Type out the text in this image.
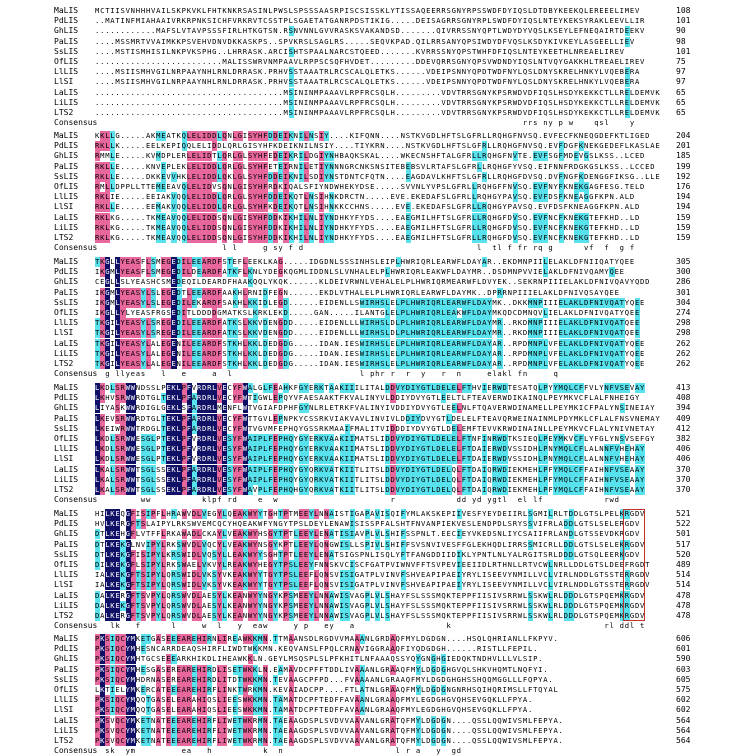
MaLIS MCTIISVNHHHVAILSKPKVKLFHTKNKRSASINLPWSLSPSSSAASRPISCSISSKLYTISSAQEERRSGNYRPSSWDFDYIQSLDTDBYKEEKQLEREEELIMEV	108
PdLIS ..MATINFMIAHAAIVRKRPNKSICHFVRKRVTCSSTPLSGAETATGANRPDSTIKIG.....DEISAGRRSGNYRPLSWDFDYIQSLNTEYKEKSYRAKLEEVLLIR	101
GhLIS ............MAFSLVTAVPSSSFIRLHTKGTSN.RSNVNNLGVVRASKSVAKANDSD.......QIVRRSSNYQPTLWDYDYVQSLKSEYLEFNEQAIRTDEEKV	90
PaLIS ....MSSMRTVVAIMKKPSVEHVDNVDKKASKPS..SPVKRSLSAGLRS.....SEQVKPAD.QILRRSANYQPSIWDYDFVQSLKSDYKIVKEYLASGEELLIEV	98
SsLIS ....MSTISMHISILNKPVKSPHG..LHRRASK.ARCISHTSPAALNARCSTQEED.......KVRRSSNYQPSTWHFDFIQSLNTEYKEETHLNREAELIREV	101
OfLIS .........................MALISSWRVNMPAAVLRPPSCSQFHVDET.........DDEVQRRSGNYQPSVWDNDYIQSLNTVQYGAKKHLTREAELIREV	75
LlLIS ....MSIISMHVGILNRPAAYNHLRNLDRRASK.PRHVSSTAAATRLRCSCALQLETKS......VDEIPSNNYQPDTWDFNYLQSLDNYSKRELHNKYLVQEBERA	97
LlSI	....MSIISMHVGILNRPAAYNHLRNLDRRASK.PRHVSSTAAATRLRCSCALQLETKS......VDEIPSNNYQPDTWDFNYLQSLDNYSKRELHNKYLVQEBERA	97
LaLIS .....................................MSININMPAAAVLRPFRCSQLH.........VDVTRRSGNYKPSRWDVDFIQSLHSDYKEKKCTLLRELDEMVK 65
LiLIS .....................................MSININMPAAAVLRPFRCSQLH.........VDVTRRSGNYKPSRWDVDFIQSLHSDYKEKKCTLLRELDEMVK 65
LTS2	.....................................MSININMPAAAVLRPFRCSQLH.........VDVTRRSGNYKPSRWDVDFIQSLHSDYKEKKCTLLRELDEMVK 65
Consensus	rrs ny p w	qsl	y
MaLIS KKLLG.....AKMEATKQLELIDDLQNLGISYHFDDEIKNILNSIY....KIFQNN....NSTKVGDLHFTSLGFRLLRQHGFNVSQ.EVFECFKNEQGDEFKTLIGED	204
PdLIS RKLLK.....EELKEPIQQLELIDDLQRLGISYHFKDEIKNILNSIY....TIYKRN....NSTKVGDLHFTSLGFRLLRQHGFNVSQ.EVFDGFKNEKGEDEFLKASLAE 201
GhLIS RMMLE.....KVMDPLERLELIDTLQRLGLSYHFEDEIKRILDGIYNHBAQKSKAL....WKECNSHFTALGFRLLRQHGFNVTE.EVFSGFMDEVGSLKSS..LCED	185
PaLIS RKLLE.....KNVEPLEKLELIDDLQRLGLSYHFETEIRNILETIYNNNGRCNKSNSITEBEBSVLRTAFSLGFRLLRQHGFYVSQ.EIFNNFRDGKGSLKSS..LCCED	199
SsLIS RKLLE.....DKKEVVHKLELIDDLQKLGLSYHFDDEIKNILSDIYNSTDNTCFQTN....EAGDAVLKHFTSLGFRLLRQHGFDVSQ.DVFNGFKDENGGFIKSG..LLE 192
OfLIS RMLLDPPLLTTEMEEAVQLELIDVSQNLGISYHFRDKIQALSFIYNDWHEKYDSE.....SVVNLYVPSLGFRLLRQHGFFNVSQ.EVFNYFKNEKGAGFESG.TELD	176
LlLIS RKLIE.....EEIAKVQQLELIDDLQRLGLSYHFDDEIKQTLNSIHNKDRCTN.....EVE.EKEDAFSLGFRLLRQHGYPAVSQ.EVFDSFKNEAGGFKPN.ALD	194
LlSI	RKLLE.....EEMAKVQQLELIDDLQRLGLSYHFKDEIKQTLNSIHNKKCCHNS.....EVE.EKEDAFSLGFRLLRQHGYPAVSQ.EVFDSFKNEAGGFKPN.ALD	194
LaLIS RKLKG.....TKMEAVQQLELIDDSQNLGISYHFDDKIKHILNLIYNDHKYFYDS....EAEGMILHFTSLGFRLLRQHGFDVSQ.EVFNCFKNEKGTEFKHD..LD	159
LiLIS RKLKG.....TKMEAVQQLELIDDSQNLGISYHFDDKIKHILNLIYNDHKYFYDS....EAEGMILHFTSLGFRLLRQHGFDVSQ.EVFNCFKNEKGTEFKHD..LD	159
LTS2	RKLKG.....TKMEAVQQLELIDDSQNLGISYHFDDKIKHILNLIYNDHKYFYDS....EAEGMILHFTSLGFRLLRQHGFDVSQ.EVFNCFKNEKGTEFKHD..LD	159
Consensus	l l	g sy f d	l tl f fr rq g	vf f g f
MaLIS TKGLLYEASFLSMEGEDILEEARDFSTEFLEEKLKAG.....IDGDNLSSSINHSLEIPLHWRIQRLEARWFLDAYAR..EKDMNPIILELAKLDFNIIQATYQEE	305
PdLIS IKGMLYEASFLSMEGEDILDEARDFATKFLKNLYDEGKQGMLIDDNLSLVNHALELPLHWRIQRLEAKWFLDAYMR..DSDMNPVVIELAKLDFNIVQAMYQEE	300
GhLIS CEGLLSLYEASHCSMEDEQILDEARDFHAAKQQLYKQK......KLDEIVRWNLVEHALELPLHWRIQRMEARWFLDVYEK..SEKRNPIIIELAKLDFNIVQAVYQDD	286
PaLIS IKGMLYEASYLSLEGEDTLEEARDFAAKHLRNIDFEGN......EKDLVTHALELPLHWRIQRLEARWFLDAYMK..DPRRNPIIIELAKLDFNIVQSAYQEE	301
SsLIS IKGMLYEASYLSLEGEDILEKARDFSAKHLKKIDLEGD......EIDENLLSWIRHSLELPLHWRIQRLEARWFLDAYMK..DKKMNPIIIELAKLDFNIVQATYQEE	304
OfLIS IKGLLYLYEASFRGSEDITLDDDDGMATKSLKRKLEKD.....GAN.....ILANTGLELPLHWRIQRLEAKWFLDAYMKQDCDMNQVLIELAKLDFNIVQATYQEE	274
LlLIS TKGILYEASYLSREGEDILEEARDFATKSLKKVDENGDD.....EIDENLLLWIRHSLDLPLHWRIQRLEARWFLDAYMR..RKDMNPIIIELAKLDFNIVQATQEE	298
LlSI	TKGILYEASYLSREGEDILEEARDFATKSLKKVDENGDD.....EIDENLLLWIRHSLDLPLHWRIQRLEARWFLDAYMR..RKDMNPIIIELAKLDFNIVQATQEE	298
LaLIS TKGILYEASYLALEGENILEEARDFSTKHLKKLDEDGDG.....IDAN.IESWIRHSLELPLHWRIQRLEARWFLDAYAR..RPDMNPLVFELAKLDFNIVQATYQEE	262
LiLIS TKGILYEASYLALEGENILEEARDFSTKHLKKLDEDGDG.....IDAN.IESWIRHSLELPLHWRIQRLEARWFLDAYAR..RPDMNPLVFELAKLDFNIVQATYQEE	262
LTS2	TKGILYEASYLALEGENILEEARDFSTKHLKKLDEDGDG.....IDAN.IESWIRHSLELPLHWRIQRLEARWFLDAYAR..RPDMNPLVFELAKLDFNIVQATYQEE	262
Consensus	g llyeas l e	a l	l phr r r y r n	elakl fn	q
MaLIS LKDLSRWWNDSSLPEKLPFVRDRLVECYFWALGLFEAHKFGYERKTAAKIIILITALDDVYDIYGTLDELELFTHVIERWDTESATQLPYYMQLCFFVLYNFVSEVAY	413
PdLIS LKHVSRWWRDTGLTEKLPFARDRLVECYFWTIGWLEPQYVFAESAAKTFKVALINYVLDDIYDVYGTLEELTLFTEAVERWDIKAINQLPEYMKVCFLALFNHEIGY	408
GhLIS LIYASKWWRDIGLGEKLSFARDRLMENFLWTVGIAFDPHFGYNLRLETRKFVALINYIVDDIYDVYGTLEELNLFTQAVERWDINAMELLPEYMKICFPALYNSINEIAY	394
PaLIS LKEVSRWWRDTGLTEKLPFARDRLVECYFWTTGVLEPNPKYCSSRKVIAKVAVLINVIVLDDIYDVYGTLDELELFTEAVQRWEINAINMLPDYMKLCFLALFNSVNEMAY 409
SsLIS LKEIWRWWTRDGLTEKLPFARDRLVECYFWTVGVMFEPHQYGSSRKMAAIFMALITVIDDDIYDVYGTLDELEMFTEVVKRWDINAINLLPEYMKVCFLALYNIVNETAY	412
OfLIS LKDLSRWWESGLPTEKLPFVRDRLVESYFWAIPLFEPHQYGYERKVAAKIIMATSLIDDVYDIYGTLDELELFTNFINRWDTKSIEQLPEYMKVCFLYFGLYNSVSEFGY	382
LlLIS LKDLSRWWESGLPTEKLPFVRDRLVESYFWAIPLFEPHQYGYERKVAAKIIMATSLIDDVYDIYGTLDELELFTDAIERWDVSSIDHLPNYMQLCFLALNNFVHEHAY	406
LlSI	LKDLSRWWESGLPTEKLPFVRDRLVESYFWAIPLFEPHQYGYERKVAAKIIMATSLIDDVYDIYGTLDELELFTDAIERWDVSSIDHLPNYMQLCFLALNNFVHEHAY	406
LaLIS LKALSRWWTSGLSSEKLPFARDRLVESYFWAIPLFEPHQYGYQRKVATKIITLITSLDDVYDIYGTLDELQLFTDAIQRWDIEKMEHLPFYMQLCFFAIHNFVSEAAY	370
LiLIS LKALSRWWTSGLSSEKLPFARDRLVESYFWAIPLFEPHQYGYQRKVATKIITLITSLDDVYDIYGTLDELQLFTDAIQRWDIEKMEHLPFYMQLCFFAIHNFVSEAAY	370
LTS2	LKALSRWWTSGLSSEKLPFARDRLVESYFWAVPLFEPHQHGYQRKVATKIITLITSLDDVYDIYGTLDELQLFTDAIQRWDIEKMEHLPFYMQLCFFAIHNFVSEAAY	370
Consensus	ww	klpf rd	e w	r	dd yd ygtl el lf	rwd
MaLIS HILKEQGFISIPFLHRAWVDLVEGYLQEAKWYYTGHTPTMEEYLNNAISTIGAPAVISQIFYMLAKSKEPIIVESFYEYDEIIRLSGMILRLTDDLGTSLPELKRGDV	521
PdLIS HVLKERGFTSLAIPYLRKSWVEMCQCYHQEAKWFYNGYTPSLDEYLENAWISISSPFALSHTFNVANPIEKVESLENDPDLSRYSSVIFRLADDLGTSLSELERGDV	522
GhLIS DTLKEHGFLVTFFLRKAWADLCKAYLVEAKWYHSGYTPTLEEYLENATISIAVPLVLSHIFSSPNLT.EECIEYVKEDSNLIYCSAIIFRLANDLGTSSEVDKRGDV	501
PaLIS DTLKEKGLNVIPYLRKSWVDLVQCYLVEAKWYNSGYKPTLEEYLQNGWISLLSPIVLSHIFFSVSNVIVESFFGLEKHQDLIRRSSMICRLLDDLGTSLSELEKRGDV	517
SsLIS DTLKEKGFISIPYLKRSWIDLVQSYLLEAKWYYSGHTPTLEEYLENATSIGSPNLISQLYFTFANGDDIIDIKLYPNTLNLYALRGITSRLDDDLGTSQLEERKGDV	520
OfLIS DILKEKGFLSIPYLRKSWAELVKVYLREAKWYHEGYTPSLEEYFNNSKVCISCFGATPVIWNVFFTSVPEVIEEIIDLRTHNLLRTVCWLNRLLDDLGTSLDEEFRGDT	489
LlLIS IALKEKGFTSIPYLQRSWIDLVKSYVKEAKWYYTGYTPSLEEFLQNSVISIGATPLVINVFSHVEAPIPAEIYRYLISEEVYNMILLVCLVIRLNDDLGTSSTERRGDV	514
LlSI	IALKEKGFTSIPYLQRSWIDLVKSYVKEAKWYYTGYTPSLEEFLQNSVISIGATPLVINVFSHVEAPIPAEIYRYLISEEVYNMILLVCLVIRLNDDLGTSSTERRGDV	514
LaLIS DALKERGFTSVPYLQRSWVDLAESYLKEANWYYNGYKPSMEEYLNNAWISVAGPLVLSHAYFSLSSSMQKTEPPFIISIVSRRWLSSKWLRLDDDLGTSPQEMKRGDV	478
LiLIS DALKEKGFTSVPYLQRSWVDLAESYLKEANWYYNGYKPSMEEYLNNAWISVAGPLVLSHAYFSLSSSMQKTEPPFIISIVSRRWLSSKWLRLDDDLGTSPQEMKRGDV	478
LTS2	DALKERGFTSVPYLQRSWVDLAESYLKEANWYYNGYKPSMEEYLNNAWISVAGPLVLSHAYFSLSSSMQKTEPPFIISIVSRRWLSSKWLRLDDDLGTSPQEMKRGDV	478
Consensus	lk f	l	w l y eaw	y p ey a	k	rl ddl t
MaLIS PKSIQCYMKETGASEEEAREHIRNLIREAWKKMN.TTMAANSDLRGDVVMAAANLGRDAQFMYLDGDGN....HSQLQHRIANLLFKPYV.	606
PdLIS PKSIQCYMHESNCARRDEAQSHIRFLIWDTWKKMN.KEQVANSLFPQLCRNAVIGGRAAQFIYQDGDGH......RISTLLFEPIL.	601
GhLIS PKSIQCYMHTGCSEEEARKHIKDLIHEAWKKLN.GEYLMSQSPLSLPFKHITLNFAAAQSSYQYGNGHGIEDQKTNDHVLLLVLSIP.	590
PaLIS PKSIQCYMHESGASEREAREHIRDLISETWKKLN.EAMAVDCPFFTDDLIVAAANLGRAAQFMYLDGDGHGVQLSHKVHQMTLNQFYI.	603
SsLIS PKSIQCYMHDRNASEREAREHIRDLITDTWKKMN.TEVAAGCPFPD...FVAAAANLGRAAQFMYLDGDGHGHSSHQQMGGLLLFQPYA.	605
OfLIS LKTIELYMKERCATEEEAREHIRFLINKTWRKMN.KEVAIADCPP....FTLATNLGRAAQFMYLDGDGNGNRHSQIHQRIMSLLFTQYAL	575
LlLIS PKSIQCYMQQTGASELEARAHIQSLIEESWKKMN.TAMATDCPFTEDFFAVAANLGRAAQFMYLEGDGHGVQHSEVGQKLLFPYA.	602
LlSI	PKSIQCYMQQTGASELEARAHIQSLIEESWKKMN.TAMATDCPFTEDFFAVAANLGRAAQFMYLEGDGHGVQHSEVGQKLLFPYA.	602
LaLIS PKSVQCYMKETNATEEEAREHIRFLIWETWKRMN.TAEAAGDSPLSVDVVAAVANLGRATQFMYLDGDGN....QSSLQQWIVSMLFEPYA.	564
LiLIS PKSVQCYMKETNATEEEAREHIRFLIWETWKRMN.TAEAAGDSPLSVDVVAAVANLGRATQFMYLDGDGN....QSSLQQWIVSMLFEPYA.	564
LTS2	PKSVQCYMKETNATEEEAREHIRFLIWETWKRMN.TAEAAGDSPLSVDVVAAVANLGRATQFMYLDGDGN....QSSLQQWIVSMLFEPYA.	564
Consensus	sk ym	ea h	k n	l r a y gd
